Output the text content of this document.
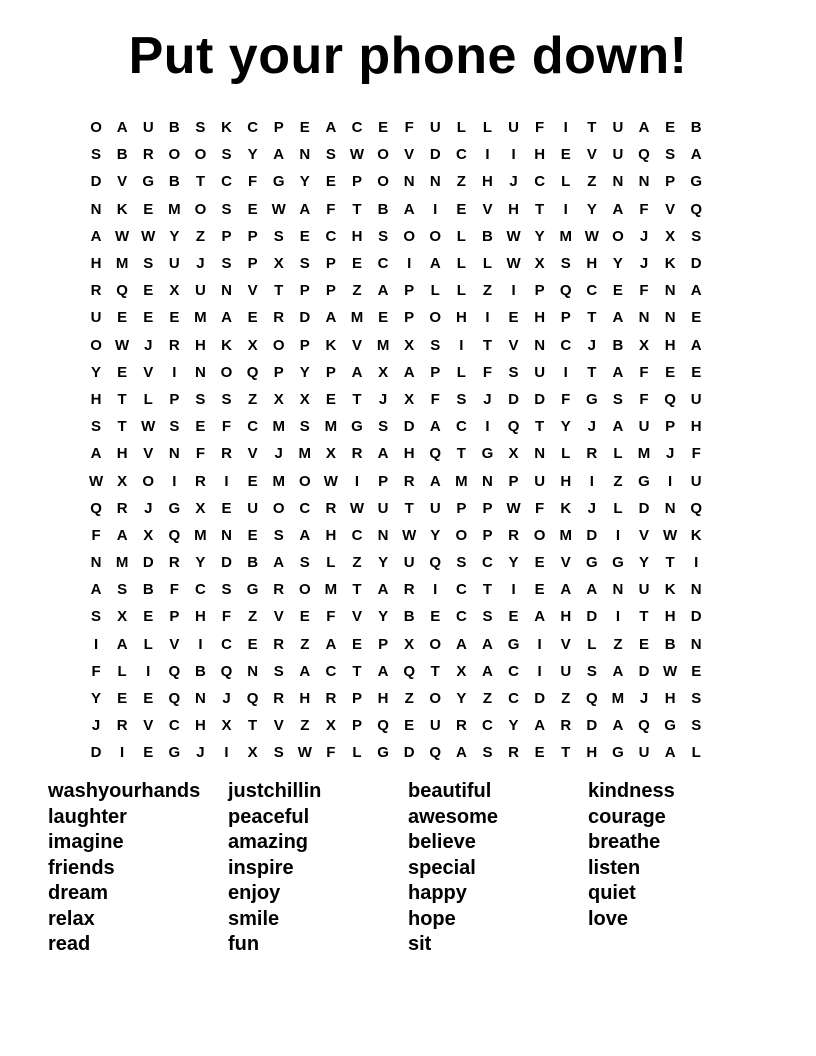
Put your phone down!
O A	U	B	S	K	C	P	E	A	C	E	F	U	L	L	U	F	I	T	U	A	E	B
S	B	R O O	S	Y	A	N	S W O	V	D	C	I	I	H	E	V	U Q	S	A
D	V	G B	T	C	F	G	Y	E	P	O N	N	Z	H	J	C	L	Z	N	N	P	G
N	K	E M O	S	E W A	F	T	B	A	I	E	V	H	T	I	Y	A	F	V	Q
A W W Y	Z	P	P	S	E	C	H	S	O O	L	B W Y M W O	J	X	S
H M S	U	J	S	P	X	S	P	E	C	I	A	L	L W X	S	H	Y	J	K	D
R Q	E	X	U	N	V	T	P	P	Z	A	P	L	L	Z	I	P	Q C	E	F	N	A
U	E	E	E M A	E	R	D	A M E	P	O H	I	E	H	P	T	A	N	N	E
O W J	R	H	K	X	O	P	K	V M X	S	I	T	V	N	C	J	B	X	H	A
Y	E	V	I	N O Q	P	Y	P	A	X	A	P	L	F	S	U	I	T	A	F	E	E
H	T	L	P	S	S	Z	X	X	E	T	J	X	F	S	J	D	D	F	G	S	F	Q U
S	T W S	E	F	C M S M G	S	D	A	C	I	Q	T	Y	J	A	U	P	H
A	H	V	N	F	R	V	J	M X	R	A	H Q	T	G	X	N	L	R	L	M	J	F
W X	O	I	R	I	E M O W	I	P	R	A M N	P	U	H	I	Z	G	I	U
Q R	J	G	X	E	U O C	R W U	T	U	P	P W F	K	J	L	D	N Q
F	A	X	Q M N	E	S	A	H	C	N W Y	O	P	R O M D	I	V W K
N M D	R	Y	D	B	A	S	L	Z	Y	U Q	S	C	Y	E	V	G G	Y	T	I
A	S	B	F	C	S	G R O M	T	A	R	I	C	T	I	E	A	A	N	U	K	N
S	X	E	P	H	F	Z	V	E	F	V	Y	B	E	C	S	E	A	H	D	I	T	H	D
I	A	L	V	I	C	E	R	Z	A	E	P	X	O A	A G	I	V	L	Z	E	B	N
F	L	I	Q B Q N	S	A	C	T	A Q	T	X	A	C	I	U	S	A	D W E
Y	E	E	Q N	J	Q R	H	R	P	H	Z	O	Y	Z	C	D	Z	Q M	J	H	S
J	R	V	C	H	X	T	V	Z	X	P	Q	E	U	R	C	Y	A	R	D	A Q G	S
D	I	E	G	J	I	X	S W F	L	G D Q A	S	R	E	T	H G U	A	L
washyourhands
laughter
imagine
friends
dream
relax
read
justchillin
peaceful
amazing
inspire
enjoy
smile
fun
beautiful
awesome
believe
special
happy
hope
sit
kindness
courage
breathe
listen
quiet
love
